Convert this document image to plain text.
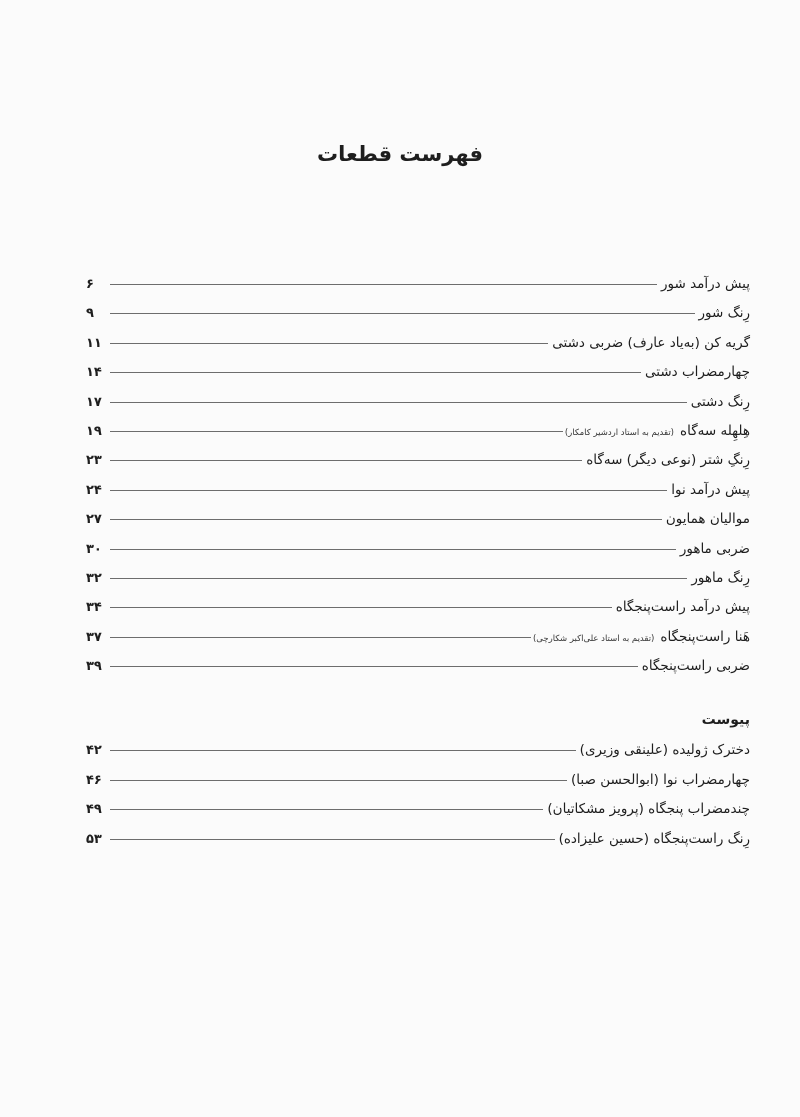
فهرست قطعات
پیش درآمد شور
۶
رِنگ شور
۹
گریه کن (به‌یاد عارف) ضربی دشتی
۱۱
چهارمضراب دشتی
۱۴
رِنگ دشتی
۱۷
هِلهِله سه‌گاه
(تقدیم به استاد اردشیر کامکار)
۱۹
رِنگِ شتر (نوعی دیگر) سه‌گاه
۲۳
پیش درآمد نوا
۲۴
موالیان همایون
۲۷
ضربی ماهور
۳۰
رِنگ ماهور
۳۲
پیش درآمد راست‌پنجگاه
۳۴
هَنا راست‌پنجگاه
(تقدیم به استاد علی‌اکبر شکارچی)
۳۷
ضربی راست‌پنجگاه
۳۹
پیوست
دخترک ژولیده (علینقی وزیری)
۴۲
چهارمضراب نوا (ابوالحسن صبا)
۴۶
چندمضراب پنجگاه (پرویز مشکاتیان)
۴۹
رِنگ راست‌پنجگاه (حسین علیزاده)
۵۳
